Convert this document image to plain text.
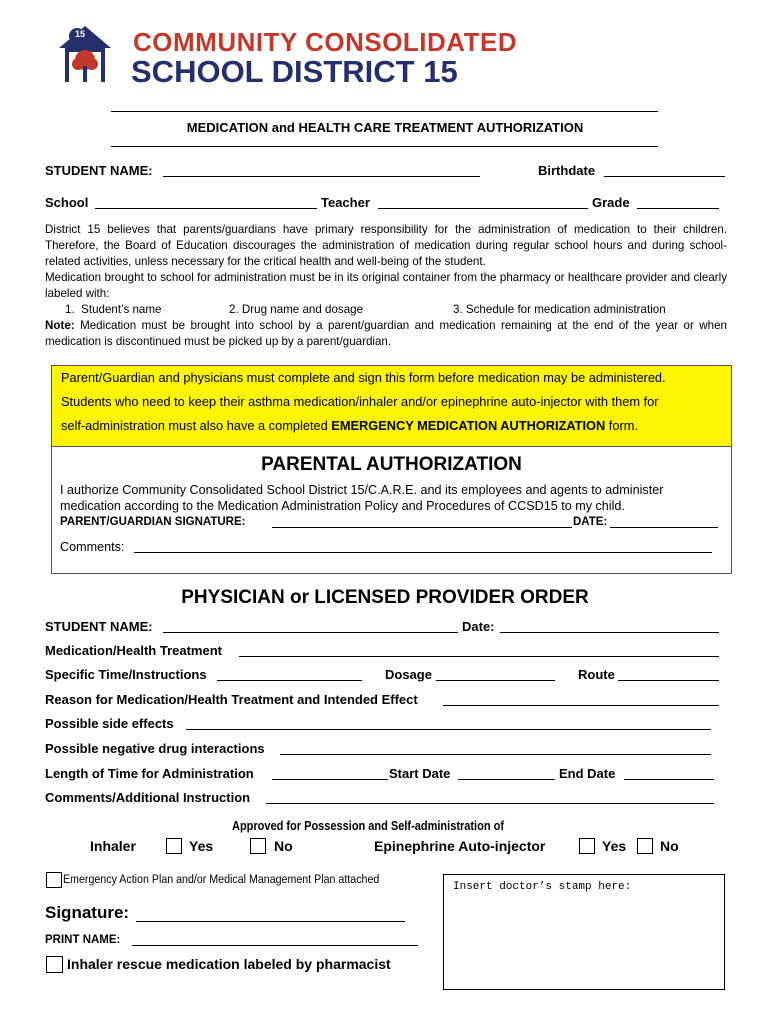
15 COMMUNITY CONSOLIDATED
SCHOOL DISTRICT 15
MEDICATION and HEALTH CARE TREATMENT AUTHORIZATION
STUDENT NAME:	Birthdate
School	Teacher	Grade
District 15 believes that parents/guardians have primary responsibility for the administration of medication to their children. Therefore, the Board of Education discourages the administration of medication during regular school hours and during school-related activities, unless necessary for the critical health and well-being of the student.
Medication brought to school for administration must be in its original container from the pharmacy or healthcare provider and clearly labeled with:
1.  Student’s name	2. Drug name and dosage	3. Schedule for medication administration
Note: Medication must be brought into school by a parent/guardian and medication remaining at the end of the year or when medication is discontinued must be picked up by a parent/guardian.
Parent/Guardian and physicians must complete and sign this form before medication may be administered.
Students who need to keep their asthma medication/inhaler and/or epinephrine auto-injector with them for
self-administration must also have a completed EMERGENCY MEDICATION AUTHORIZATION form.
PARENTAL AUTHORIZATION
I authorize Community Consolidated School District 15/C.A.R.E. and its employees and agents to administer
medication according to the Medication Administration Policy and Procedures of CCSD15 to my child.
PARENT/GUARDIAN SIGNATURE:	DATE:
Comments:
PHYSICIAN or LICENSED PROVIDER ORDER
STUDENT NAME:	Date:
Medication/Health Treatment
Specific Time/Instructions	Dosage	Route
Reason for Medication/Health Treatment and Intended Effect
Possible side effects
Possible negative drug interactions
Length of Time for Administration	Start Date	End Date
Comments/Additional Instruction
Approved for Possession and Self-administration of
Inhaler	Yes	No	Epinephrine Auto-injector	Yes No
Emergency Action Plan and/or Medical Management Plan attached
Insert doctor’s stamp here:
Signature:
PRINT NAME:
Inhaler rescue medication labeled by pharmacist
